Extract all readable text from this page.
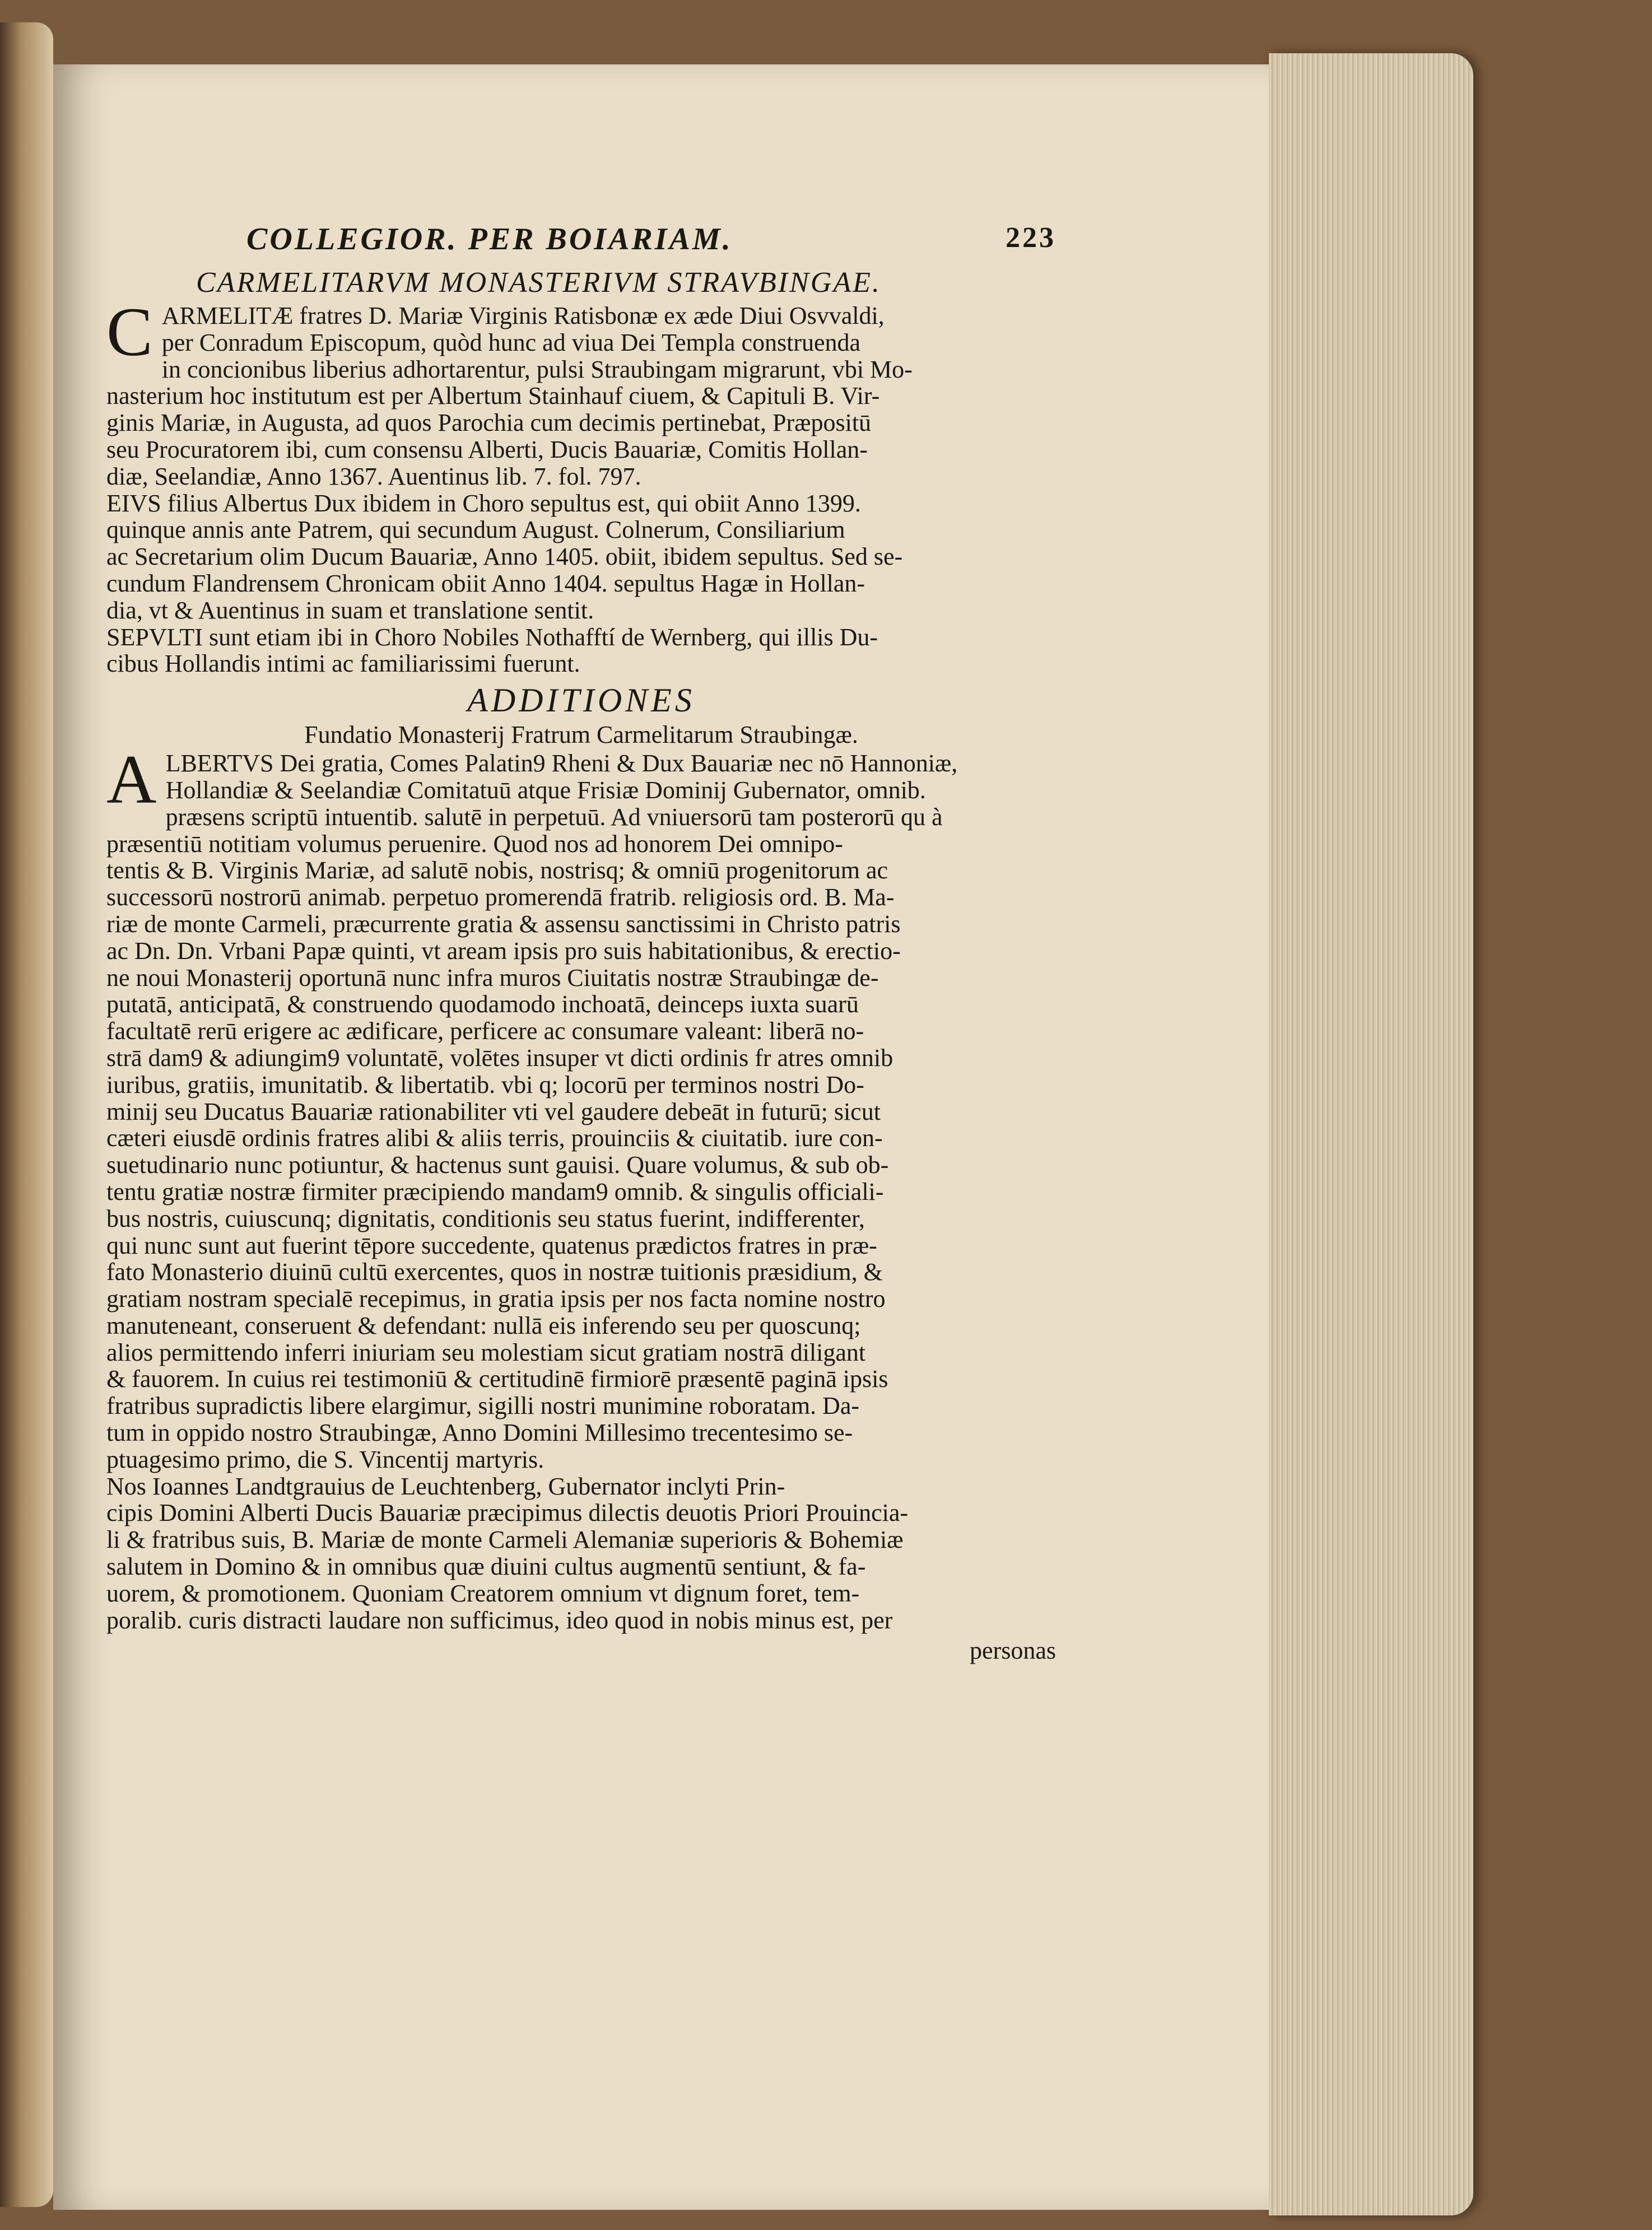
COLLEGIOR. PER BOIARIAM.	223
CARMELITARVM MONASTERIVM STRAVBINGAE.
C ARMELITÆ fratres D. Mariæ Virginis Ratisbonæ ex æde Diui Osvvaldi,
per Conradum Episcopum, quòd hunc ad viua Dei Templa construenda
in concionibus liberius adhortarentur, pulsi Straubingam migrarunt, vbi Mo-
nasterium hoc institutum est per Albertum Stainhauf ciuem, & Capituli B. Vir-
ginis Mariæ, in Augusta, ad quos Parochia cum decimis pertinebat, Præpositū
seu Procuratorem ibi, cum consensu Alberti, Ducis Bauariæ, Comitis Hollan-
diæ, Seelandiæ, Anno 1367. Auentinus lib. 7. fol. 797.
EIVS filius Albertus Dux ibidem in Choro sepultus est, qui obiit Anno 1399.
quinque annis ante Patrem, qui secundum August. Colnerum, Consiliarium
ac Secretarium olim Ducum Bauariæ, Anno 1405. obiit, ibidem sepultus. Sed se-
cundum Flandrensem Chronicam obiit Anno 1404. sepultus Hagæ in Hollan-
dia, vt & Auentinus in suam et translatione sentit.
SEPVLTI sunt etiam ibi in Choro Nobiles Nothafftí de Wernberg, qui illis Du-
cibus Hollandis intimi ac familiarissimi fuerunt.
ADDITIONES
Fundatio Monasterij Fratrum Carmelitarum Straubingæ.
A LBERTVS Dei gratia, Comes Palatin9 Rheni & Dux Bauariæ nec nō Hannoniæ,
Hollandiæ & Seelandiæ Comitatuū atque Frisiæ Dominij Gubernator, omnib.
præsens scriptū intuentib. salutē in perpetuū. Ad vniuersorū tam posterorū qu à
præsentiū notitiam volumus peruenire. Quod nos ad honorem Dei omnipo-
tentis & B. Virginis Mariæ, ad salutē nobis, nostrisq; & omniū progenitorum ac
successorū nostrorū animab. perpetuo promerendā fratrib. religiosis ord. B. Ma-
riæ de monte Carmeli, præcurrente gratia & assensu sanctissimi in Christo patris
ac Dn. Dn. Vrbani Papæ quinti, vt aream ipsis pro suis habitationibus, & erectio-
ne noui Monasterij oportunā nunc infra muros Ciuitatis nostræ Straubingæ de-
putatā, anticipatā, & construendo quodamodo inchoatā, deinceps iuxta suarū
facultatē rerū erigere ac ædificare, perficere ac consumare valeant: liberā no-
strā dam9 & adiungim9 voluntatē, volētes insuper vt dicti ordinis fr atres omnib
iuribus, gratiis, imunitatib. & libertatib. vbi q; locorū per terminos nostri Do-
minij seu Ducatus Bauariæ rationabiliter vti vel gaudere debeāt in futurū; sicut
cæteri eiusdē ordinis fratres alibi & aliis terris, prouinciis & ciuitatib. iure con-
suetudinario nunc potiuntur, & hactenus sunt gauisi. Quare volumus, & sub ob-
tentu gratiæ nostræ firmiter præcipiendo mandam9 omnib. & singulis officiali-
bus nostris, cuiuscunq; dignitatis, conditionis seu status fuerint, indifferenter,
qui nunc sunt aut fuerint tēpore succedente, quatenus prædictos fratres in præ-
fato Monasterio diuinū cultū exercentes, quos in nostræ tuitionis præsidium, &
gratiam nostram specialē recepimus, in gratia ipsis per nos facta nomine nostro
manuteneant, conseruent & defendant: nullā eis inferendo seu per quoscunq;
alios permittendo inferri iniuriam seu molestiam sicut gratiam nostrā diligant
& fauorem. In cuius rei testimoniū & certitudinē firmiorē præsentē paginā ipsis
fratribus supradictis libere elargimur, sigilli nostri munimine roboratam. Da-
tum in oppido nostro Straubingæ, Anno Domini Millesimo trecentesimo se-
ptuagesimo primo, die S. Vincentij martyris.
Nos Ioannes Landtgrauius de Leuchtenberg, Gubernator inclyti Prin-
cipis Domini Alberti Ducis Bauariæ præcipimus dilectis deuotis Priori Prouincia-
li & fratribus suis, B. Mariæ de monte Carmeli Alemaniæ superioris & Bohemiæ
salutem in Domino & in omnibus quæ diuini cultus augmentū sentiunt, & fa-
uorem, & promotionem. Quoniam Creatorem omnium vt dignum foret, tem-
poralib. curis distracti laudare non sufficimus, ideo quod in nobis minus est, per
personas
